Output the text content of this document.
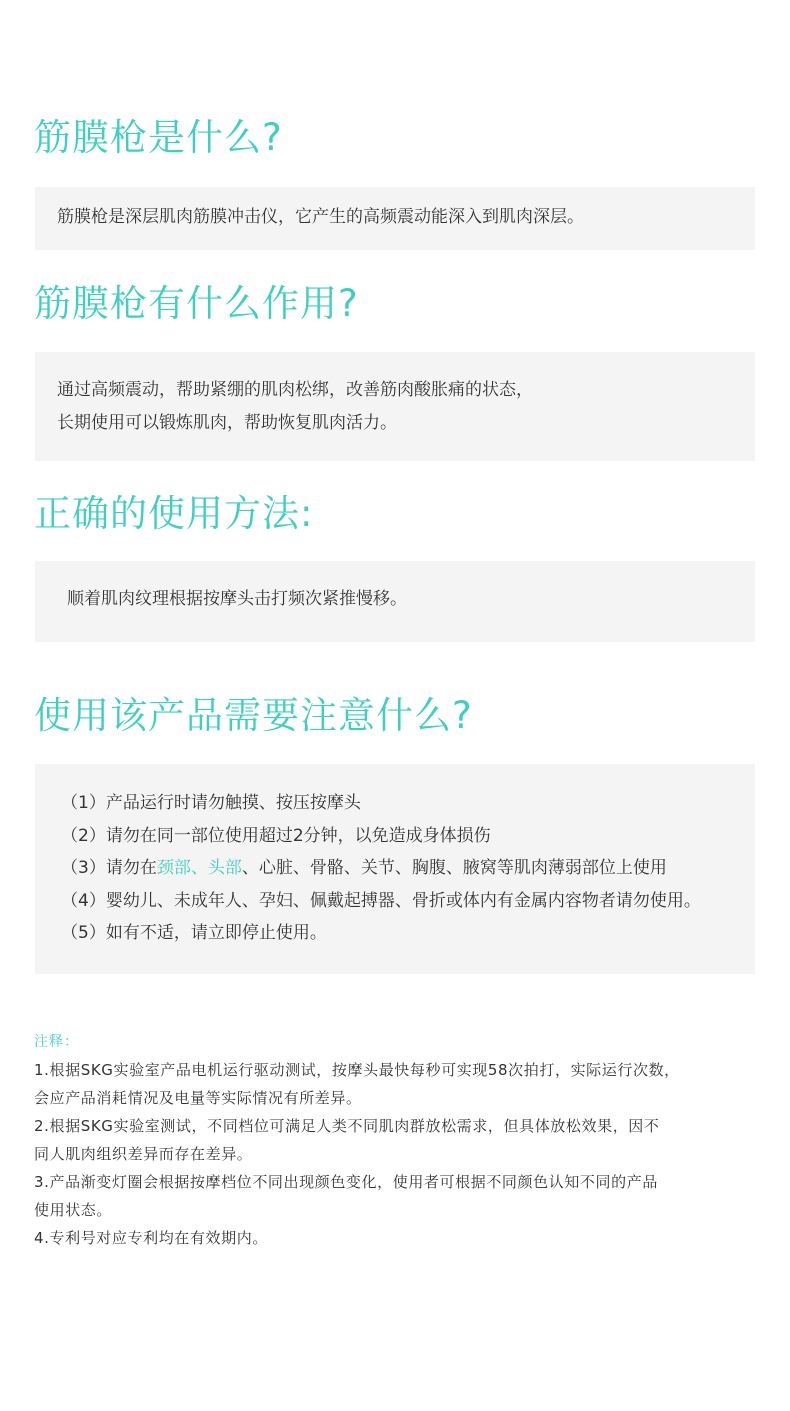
筋膜枪是什么?
筋膜枪是深层肌肉筋膜冲击仪，它产生的高频震动能深入到肌肉深层。
筋膜枪有什么作用?
通过高频震动，帮助紧绷的肌肉松绑，改善筋肉酸胀痛的状态，
长期使用可以锻炼肌肉，帮助恢复肌肉活力。
正确的使用方法:
顺着肌肉纹理根据按摩头击打频次紧推慢移。
使用该产品需要注意什么?
（1）产品运行时请勿触摸、按压按摩头
（2）请勿在同一部位使用超过2分钟，以免造成身体损伤
（3）请勿在颈部、头部、心脏、骨骼、关节、胸腹、腋窝等肌肉薄弱部位上使用
（4）婴幼儿、未成年人、孕妇、佩戴起搏器、骨折或体内有金属内容物者请勿使用。
（5）如有不适，请立即停止使用。
注释：
1.根据SKG实验室产品电机运行驱动测试，按摩头最快每秒可实现58次拍打，实际运行次数，
会应产品消耗情况及电量等实际情况有所差异。
2.根据SKG实验室测试，不同档位可满足人类不同肌肉群放松需求，但具体放松效果，因不
同人肌肉组织差异而存在差异。
3.产品渐变灯圈会根据按摩档位不同出现颜色变化，使用者可根据不同颜色认知不同的产品
使用状态。
4.专利号对应专利均在有效期内。
